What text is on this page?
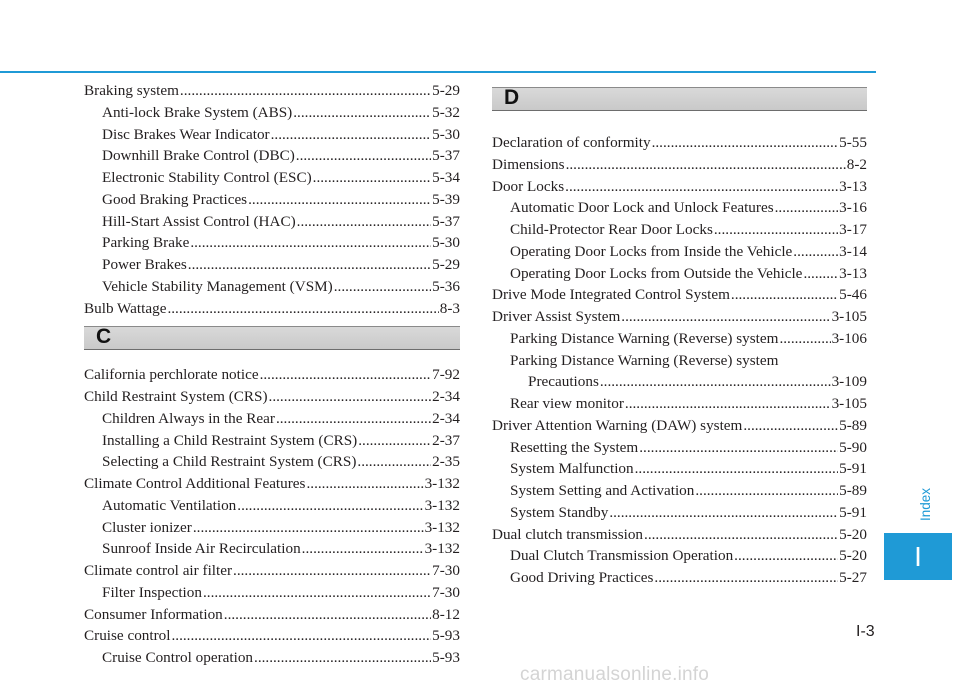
Braking system .....	5-29
Anti-lock Brake System (ABS) .....	5-32
Disc Brakes Wear Indicator .....	5-30
Downhill Brake Control (DBC) .....	5-37
Electronic Stability Control (ESC) .....	5-34
Good Braking Practices .....	5-39
Hill-Start Assist Control (HAC) .....	5-37
Parking Brake .....	5-30
Power Brakes .....	5-29
Vehicle Stability Management (VSM) .....	5-36
Bulb Wattage .....	8-3
C
California perchlorate notice .....	7-92
Child Restraint System (CRS) .....	2-34
Children Always in the Rear .....	2-34
Installing a Child Restraint System (CRS) .....	2-37
Selecting a Child Restraint System (CRS) .....	2-35
Climate Control Additional Features .....	3-132
Automatic Ventilation .....	3-132
Cluster ionizer .....	3-132
Sunroof Inside Air Recirculation .....	3-132
Climate control air filter .....	7-30
Filter Inspection .....	7-30
Consumer Information .....	8-12
Cruise control .....	5-93
Cruise Control operation .....	5-93
D
Declaration of conformity .....	5-55
Dimensions .....	8-2
Door Locks .....	3-13
Automatic Door Lock and Unlock Features .....	3-16
Child-Protector Rear Door Locks .....	3-17
Operating Door Locks from Inside the Vehicle .....	3-14
Operating Door Locks from Outside the Vehicle ..... 3-13
Drive Mode Integrated Control System .....	5-46
Driver Assist System .....	3-105
Parking Distance Warning (Reverse) system .....	3-106
Parking Distance Warning (Reverse) system
Precautions .....	3-109
Rear view monitor .....	3-105
Driver Attention Warning (DAW) system .....	5-89
Resetting the System .....	5-90
System Malfunction .....	5-91
System Setting and Activation .....	5-89
System Standby .....	5-91
Dual clutch transmission .....	5-20
Dual Clutch Transmission Operation .....	5-20
Good Driving Practices .....	5-27
Index
I
I-3
carmanualsonline.info
